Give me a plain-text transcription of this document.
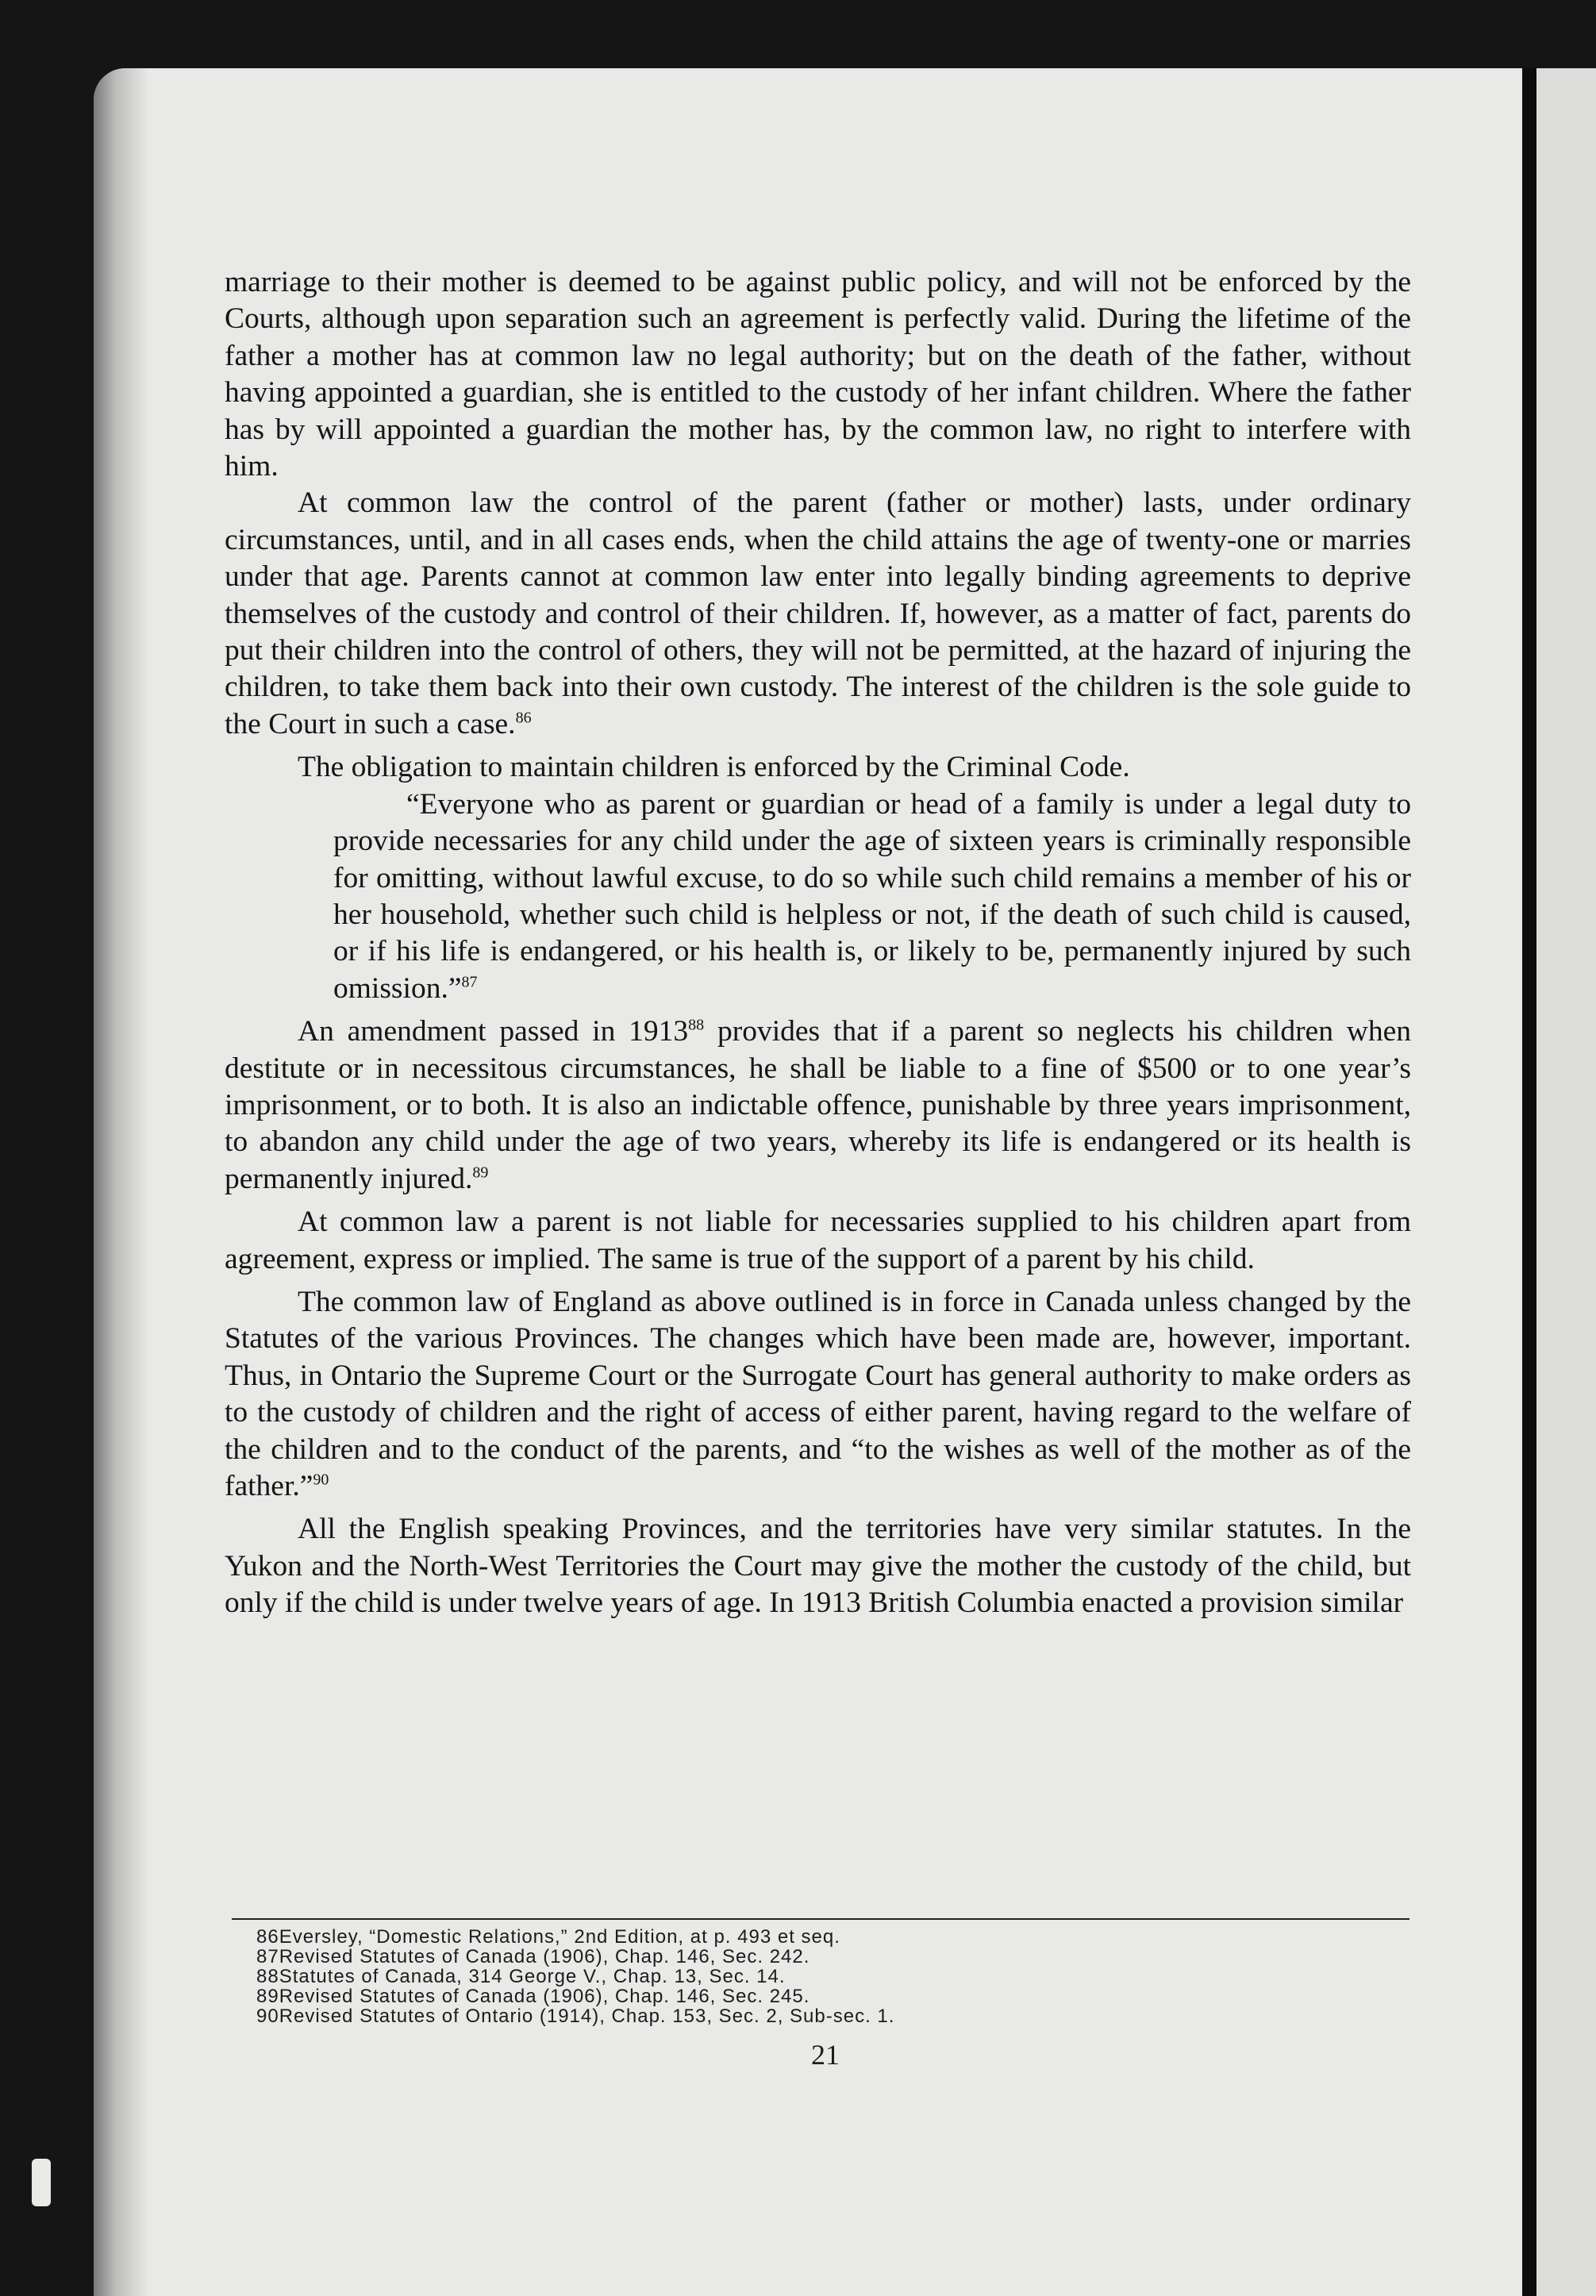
marriage to their mother is deemed to be against public policy, and will not be enforced by the Courts, although upon separation such an agreement is perfectly valid. During the lifetime of the father a mother has at common law no legal authority; but on the death of the father, without having appointed a guardian, she is entitled to the custody of her infant children. Where the father has by will appointed a guardian the mother has, by the common law, no right to interfere with him.

At common law the control of the parent (father or mother) lasts, under ordinary circumstances, until, and in all cases ends, when the child attains the age of twenty-one or marries under that age. Parents cannot at common law enter into legally binding agreements to deprive themselves of the custody and control of their children. If, however, as a matter of fact, parents do put their children into the control of others, they will not be permitted, at the hazard of injuring the children, to take them back into their own custody. The interest of the children is the sole guide to the Court in such a case.$^{86}$

The obligation to maintain children is enforced by the Criminal Code.

“Everyone who as parent or guardian or head of a family is under a legal duty to provide necessaries for any child under the age of sixteen years is criminally responsible for omitting, without lawful excuse, to do so while such child remains a member of his or her household, whether such child is helpless or not, if the death of such child is caused, or if his life is endangered, or his health is, or likely to be, permanently injured by such omission.”$^{87}$

An amendment passed in 1913$^{88}$ provides that if a parent so neglects his children when destitute or in necessitous circumstances, he shall be liable to a fine of $500 or to one year’s imprisonment, or to both. It is also an indictable offence, punishable by three years imprisonment, to abandon any child under the age of two years, whereby its life is endangered or its health is permanently injured.$^{89}$

At common law a parent is not liable for necessaries supplied to his children apart from agreement, express or implied. The same is true of the support of a parent by his child.

The common law of England as above outlined is in force in Canada unless changed by the Statutes of the various Provinces. The changes which have been made are, however, important. Thus, in Ontario the Supreme Court or the Surrogate Court has general authority to make orders as to the custody of children and the right of access of either parent, having regard to the welfare of the children and to the conduct of the parents, and “to the wishes as well of the mother as of the father.”$^{90}$

All the English speaking Provinces, and the territories have very similar statutes. In the Yukon and the North-West Territories the Court may give the mother the custody of the child, but only if the child is under twelve years of age. In 1913 British Columbia enacted a provision similar

86Eversley, “Domestic Relations,” 2nd Edition, at p. 493 et seq.
87Revised Statutes of Canada (1906), Chap. 146, Sec. 242.
88Statutes of Canada, 314 George V., Chap. 13, Sec. 14.
89Revised Statutes of Canada (1906), Chap. 146, Sec. 245.
90Revised Statutes of Ontario (1914), Chap. 153, Sec. 2, Sub-sec. 1.
21
